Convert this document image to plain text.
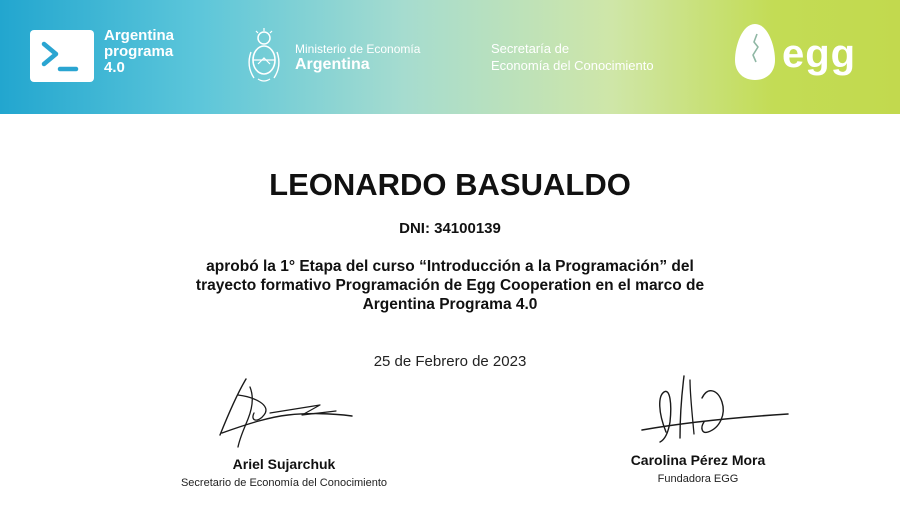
Argentina
programa
4.0
Ministerio de Economía
Argentina
Secretaría de
Economía del Conocimiento	egg
LEONARDO BASUALDO
DNI: 34100139
aprobó la 1° Etapa del curso “Introducción a la Programación” del
trayecto formativo Programación de Egg Cooperation en el marco de
Argentina Programa 4.0
25 de Febrero de 2023
Ariel Sujarchuk
Secretario de Economía del Conocimiento
Carolina Pérez Mora
Fundadora EGG
